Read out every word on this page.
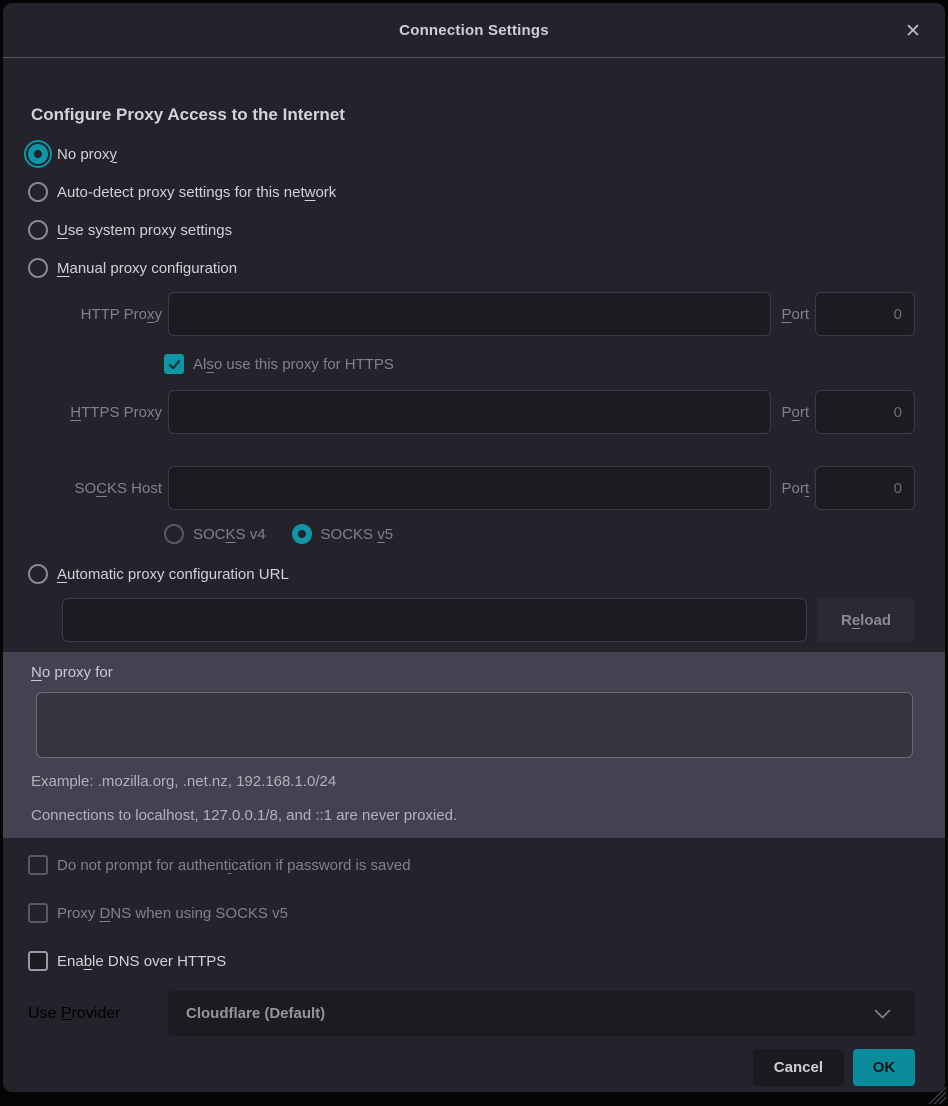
Connection Settings	✕
Configure Proxy Access to the Internet
No proxy
Auto-detect proxy settings for this network
Use system proxy settings
Manual proxy configuration
HTTP Proxy	Port
0
Also use this proxy for HTTPS
HTTPS Proxy	Port
0
SOCKS Host	Port
0
SOCKS v4	SOCKS v5
Automatic proxy configuration URL
Reload
No proxy for
Example: .mozilla.org, .net.nz, 192.168.1.0/24
Connections to localhost, 127.0.0.1/8, and ::1 are never proxied.
Do not prompt for authentication if password is saved
Proxy DNS when using SOCKS v5
Enable DNS over HTTPS
Use Provider	Cloudflare (Default)
Cancel	OK
